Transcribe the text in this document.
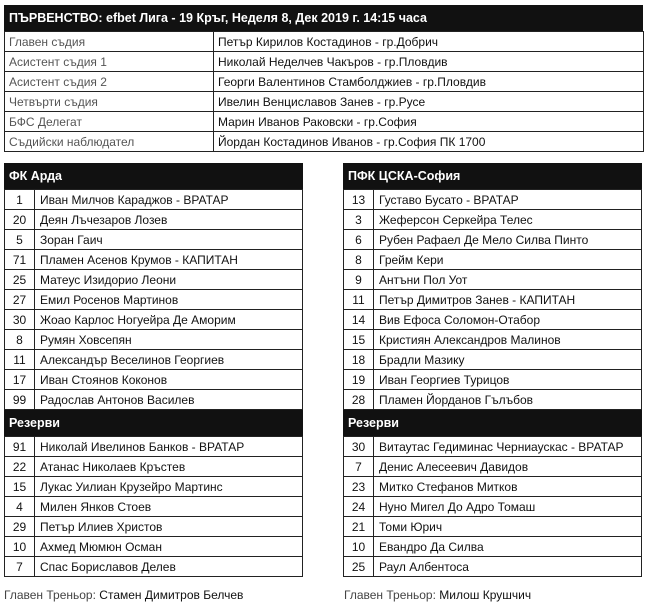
ПЪРВЕНСТВО: efbet Лига - 19 Кръг, Неделя 8, Дек 2019 г. 14:15 часа
Главен съдия	Петър Кирилов Костадинов - гр.Добрич
Асистент съдия 1	Николай Неделчев Чакъров - гр.Пловдив
Асистент съдия 2	Георги Валентинов Стамболджиев - гр.Пловдив
Четвърти съдия	Ивелин Венциславов Занев - гр.Русе
БФС Делегат	Марин Иванов Раковски - гр.София
Съдийски наблюдател	Йордан Костадинов Иванов - гр.София ПК 1700
ФК Арда
1	Иван Милчов Караджов - ВРАТАР
20	Деян Лъчезаров Лозев
5	Зоран Гаич
71	Пламен Асенов Крумов - КАПИТАН
25	Матеус Изидорио Леони
27	Емил Росенов Мартинов
30	Жоао Карлос Ногуейра Де Аморим
8	Румян Ховсепян
11	Александър Веселинов Георгиев
17	Иван Стоянов Коконов
99	Радослав Антонов Василев
Резерви
91	Николай Ивелинов Банков - ВРАТАР
22	Атанас Николаев Кръстев
15	Лукас Уилиан Крузейро Мартинс
4	Милен Янков Стоев
29	Петър Илиев Христов
10	Ахмед Мюмюн Осман
7	Спас Бориславов Делев
ПФК ЦСКА-София
13	Густаво Бусато - ВРАТАР
3	Жеферсон Серкейра Телес
6	Рубен Рафаел Де Мело Силва Пинто
8	Грейм Кери
9	Антъни Пол Уот
11	Петър Димитров Занев - КАПИТАН
14	Вив Ефоса Соломон-Отабор
15	Кристиян Александров Малинов
18	Брадли Мазику
19	Иван Георгиев Турицов
28	Пламен Йорданов Гълъбов
Резерви
30	Витаутас Гедиминас Черниаускас - ВРАТАР
7	Денис Алесеевич Давидов
23	Митко Стефанов Митков
24	Нуно Мигел До Адро Томаш
21	Томи Юрич
10	Евандро Да Силва
25	Раул Албентоса
Главен Треньор: Стамен Димитров Белчев	Главен Треньор: Милош Крушчич
